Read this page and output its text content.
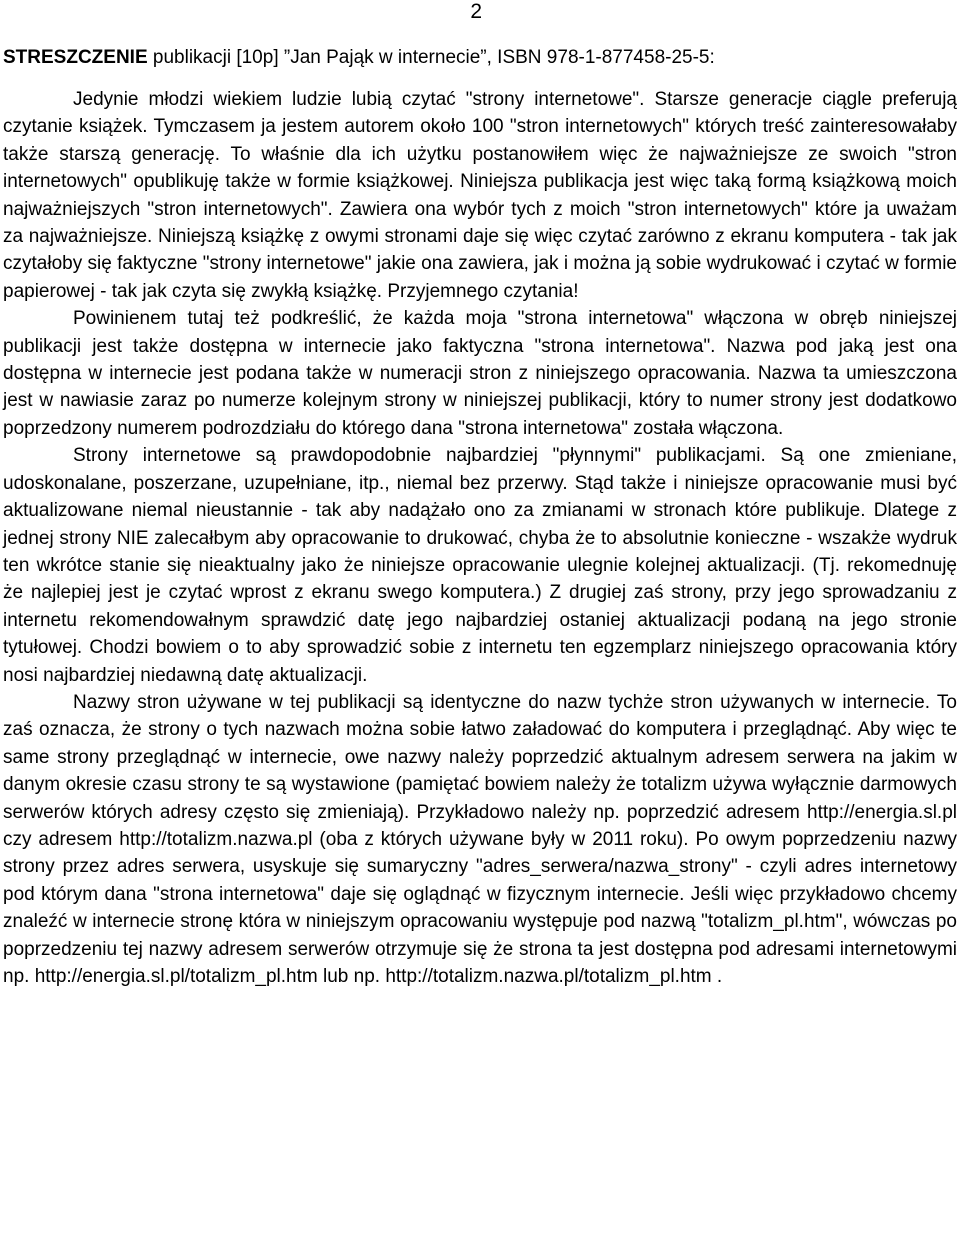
2

STRESZCZENIE publikacji [10p] ”Jan Pająk w internecie”, ISBN 978-1-877458-25-5:

Jedynie młodzi wiekiem ludzie lubią czytać "strony internetowe". Starsze generacje ciągle preferują czytanie książek. Tymczasem ja jestem autorem około 100 "stron internetowych" których treść zainteresowałaby także starszą generację. To właśnie dla ich użytku postanowiłem więc że najważniejsze ze swoich "stron internetowych" opublikuję także w formie książkowej. Niniejsza publikacja jest więc taką formą książkową moich najważniejszych "stron internetowych". Zawiera ona wybór tych z moich "stron internetowych" które ja uważam za najważniejsze. Niniejszą książkę z owymi stronami daje się więc czytać zarówno z ekranu komputera - tak jak czytałoby się faktyczne "strony internetowe" jakie ona zawiera, jak i można ją sobie wydrukować i czytać w formie papierowej - tak jak czyta się zwykłą książkę. Przyjemnego czytania!

Powinienem tutaj też podkreślić, że każda moja "strona internetowa" włączona w obręb niniejszej publikacji jest także dostępna w internecie jako faktyczna "strona internetowa". Nazwa pod jaką jest ona dostępna w internecie jest podana także w numeracji stron z niniejszego opracowania. Nazwa ta umieszczona jest w nawiasie zaraz po numerze kolejnym strony w niniejszej publikacji, który to numer strony jest dodatkowo poprzedzony numerem podrozdziału do którego dana "strona internetowa" została włączona.

Strony internetowe są prawdopodobnie najbardziej "płynnymi" publikacjami. Są one zmieniane, udoskonalane, poszerzane, uzupełniane, itp., niemal bez przerwy. Stąd także i niniejsze opracowanie musi być aktualizowane niemal nieustannie - tak aby nadążało ono za zmianami w stronach które publikuje. Dlatege z jednej strony NIE zalecałbym aby opracowanie to drukować, chyba że to absolutnie konieczne - wszakże wydruk ten wkrótce stanie się nieaktualny jako że niniejsze opracowanie ulegnie kolejnej aktualizacji. (Tj. rekomednuję że najlepiej jest je czytać wprost z ekranu swego komputera.) Z drugiej zaś strony, przy jego sprowadzaniu z internetu rekomendowałnym sprawdzić datę jego najbardziej ostaniej aktualizacji podaną na jego stronie tytułowej. Chodzi bowiem o to aby sprowadzić sobie z internetu ten egzemplarz niniejszego opracowania który nosi najbardziej niedawną datę aktualizacji.

Nazwy stron używane w tej publikacji są identyczne do nazw tychże stron używanych w internecie. To zaś oznacza, że strony o tych nazwach można sobie łatwo załadować do komputera i przeglądnąć. Aby więc te same strony przeglądnąć w internecie, owe nazwy należy poprzedzić aktualnym adresem serwera na jakim w danym okresie czasu strony te są wystawione (pamiętać bowiem należy że totalizm używa wyłącznie darmowych serwerów których adresy często się zmieniają). Przykładowo należy np. poprzedzić adresem http://energia.sl.pl czy adresem http://totalizm.nazwa.pl (oba z których używane były w 2011 roku). Po owym poprzedzeniu nazwy strony przez adres serwera, usyskuje się sumaryczny "adres_serwera/nazwa_strony" - czyli adres internetowy pod którym dana "strona internetowa" daje się oglądnąć w fizycznym internecie. Jeśli więc przykładowo chcemy znaleźć w internecie stronę która w niniejszym opracowaniu występuje pod nazwą "totalizm_pl.htm", wówczas po poprzedzeniu tej nazwy adresem serwerów otrzymuje się że strona ta jest dostępna pod adresami internetowymi np. http://energia.sl.pl/totalizm_pl.htm lub np. http://totalizm.nazwa.pl/totalizm_pl.htm .
